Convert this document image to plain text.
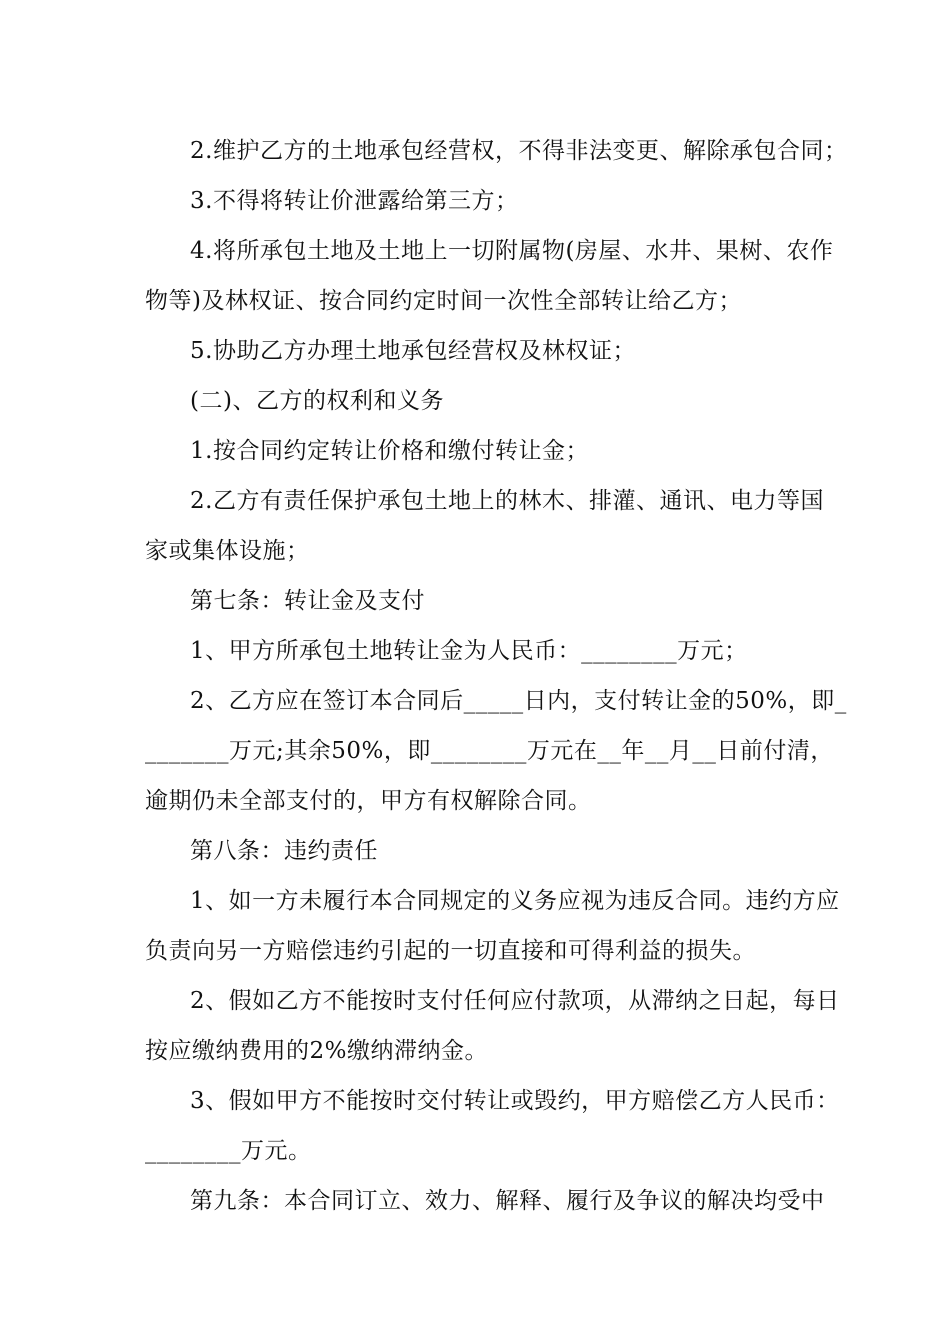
2.维护乙方的土地承包经营权，不得非法变更、解除承包合同；
3.不得将转让价泄露给第三方；
4.将所承包土地及土地上一切附属物(房屋、水井、果树、农作
物等)及林权证、按合同约定时间一次性全部转让给乙方；
5.协助乙方办理土地承包经营权及林权证；
(二)、乙方的权利和义务
1.按合同约定转让价格和缴付转让金；
2.乙方有责任保护承包土地上的林木、排灌、通讯、电力等国
家或集体设施；
第七条：转让金及支付
1、甲方所承包土地转让金为人民币：________万元；
2、乙方应在签订本合同后_____日内，支付转让金的50%，即_
_______万元;其余50%，即________万元在__年__月__日前付清，
逾期仍未全部支付的，甲方有权解除合同。
第八条：违约责任
1、如一方未履行本合同规定的义务应视为违反合同。违约方应
负责向另一方赔偿违约引起的一切直接和可得利益的损失。
2、假如乙方不能按时支付任何应付款项，从滞纳之日起，每日
按应缴纳费用的2%缴纳滞纳金。
3、假如甲方不能按时交付转让或毁约，甲方赔偿乙方人民币：
________万元。
第九条：本合同订立、效力、解释、履行及争议的解决均受中
